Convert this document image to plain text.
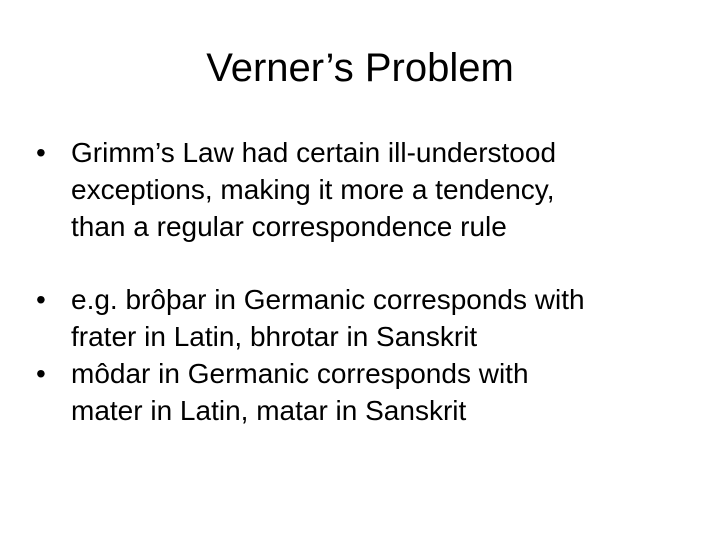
Verner’s Problem
• Grimm’s Law had certain ill-understood
exceptions, making it more a tendency,
than a regular correspondence rule
• e.g. brôþar in Germanic corresponds with
frater in Latin, bhrotar in Sanskrit
• môdar in Germanic corresponds with
mater in Latin, matar in Sanskrit
